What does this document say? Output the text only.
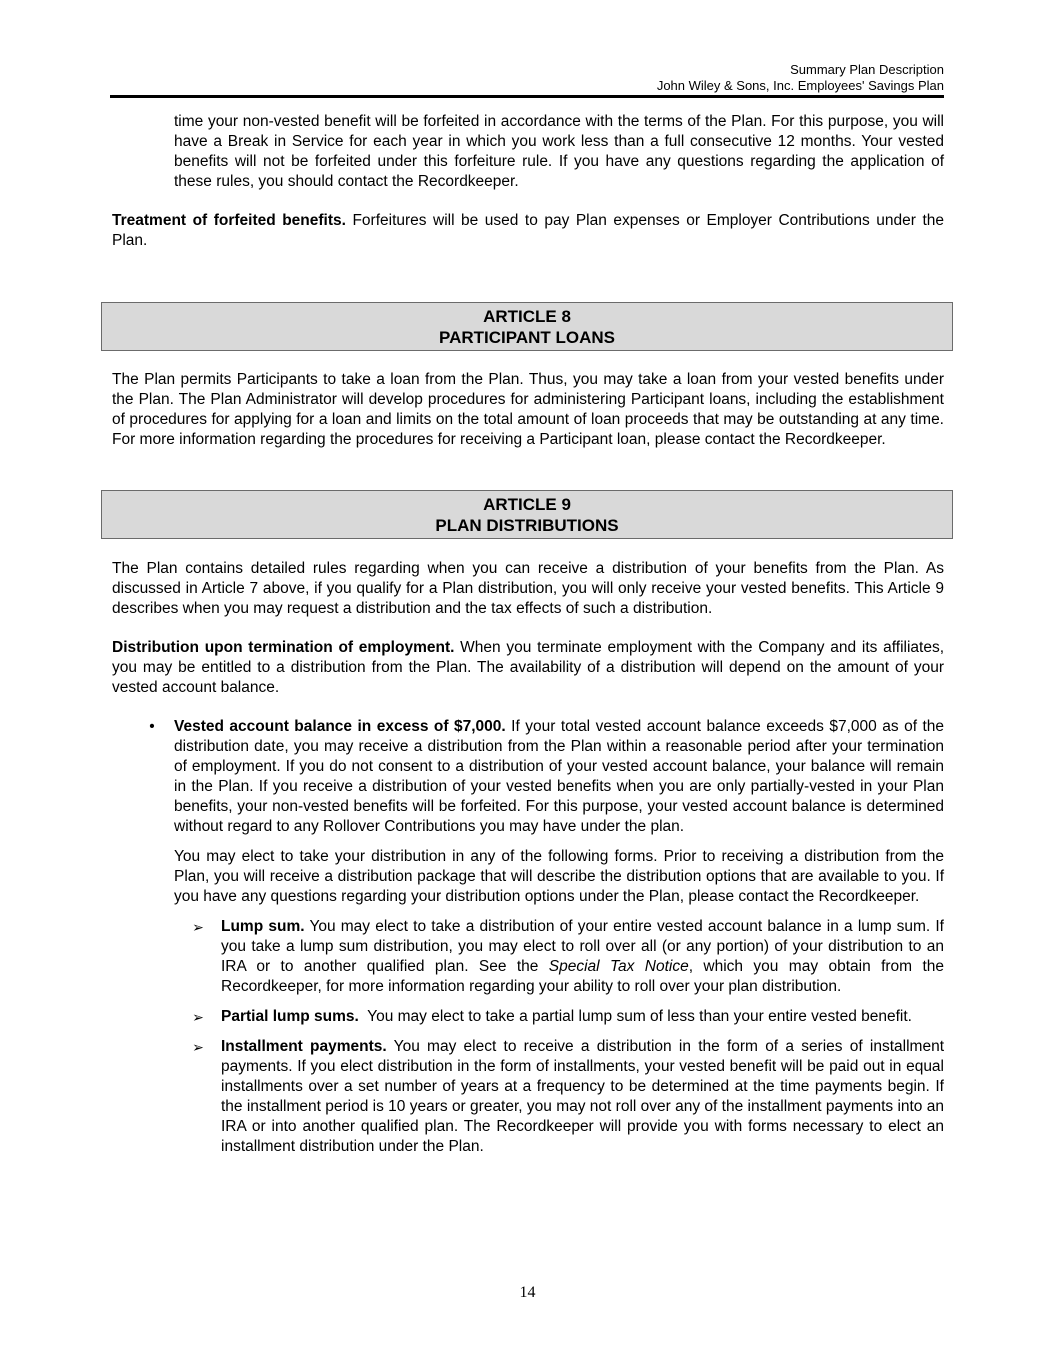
Summary Plan Description
John Wiley & Sons, Inc. Employees' Savings Plan

time your non-vested benefit will be forfeited in accordance with the terms of the Plan. For this purpose, you will have a Break in Service for each year in which you work less than a full consecutive 12 months. Your vested benefits will not be forfeited under this forfeiture rule. If you have any questions regarding the application of these rules, you should contact the Recordkeeper.

Treatment of forfeited benefits. Forfeitures will be used to pay Plan expenses or Employer Contributions under the Plan.

ARTICLE 8
PARTICIPANT LOANS

The Plan permits Participants to take a loan from the Plan. Thus, you may take a loan from your vested benefits under the Plan. The Plan Administrator will develop procedures for administering Participant loans, including the establishment of procedures for applying for a loan and limits on the total amount of loan proceeds that may be outstanding at any time. For more information regarding the procedures for receiving a Participant loan, please contact the Recordkeeper.

ARTICLE 9
PLAN DISTRIBUTIONS

The Plan contains detailed rules regarding when you can receive a distribution of your benefits from the Plan. As discussed in Article 7 above, if you qualify for a Plan distribution, you will only receive your vested benefits. This Article 9 describes when you may request a distribution and the tax effects of such a distribution.

Distribution upon termination of employment. When you terminate employment with the Company and its affiliates, you may be entitled to a distribution from the Plan. The availability of a distribution will depend on the amount of your vested account balance.

•	Vested account balance in excess of $7,000. If your total vested account balance exceeds $7,000 as of the distribution date, you may receive a distribution from the Plan within a reasonable period after your termination of employment. If you do not consent to a distribution of your vested account balance, your balance will remain in the Plan. If you receive a distribution of your vested benefits when you are only partially-vested in your Plan benefits, your non-vested benefits will be forfeited. For this purpose, your vested account balance is determined without regard to any Rollover Contributions you may have under the plan.

You may elect to take your distribution in any of the following forms. Prior to receiving a distribution from the Plan, you will receive a distribution package that will describe the distribution options that are available to you. If you have any questions regarding your distribution options under the Plan, please contact the Recordkeeper.

➢ Lump sum. You may elect to take a distribution of your entire vested account balance in a lump sum. If you take a lump sum distribution, you may elect to roll over all (or any portion) of your distribution to an IRA or to another qualified plan. See the Special Tax Notice, which you may obtain from the Recordkeeper, for more information regarding your ability to roll over your plan distribution.

➢ Partial lump sums.  You may elect to take a partial lump sum of less than your entire vested benefit.

➢ Installment payments. You may elect to receive a distribution in the form of a series of installment payments. If you elect distribution in the form of installments, your vested benefit will be paid out in equal installments over a set number of years at a frequency to be determined at the time payments begin. If the installment period is 10 years or greater, you may not roll over any of the installment payments into an IRA or into another qualified plan. The Recordkeeper will provide you with forms necessary to elect an installment distribution under the Plan.

14
